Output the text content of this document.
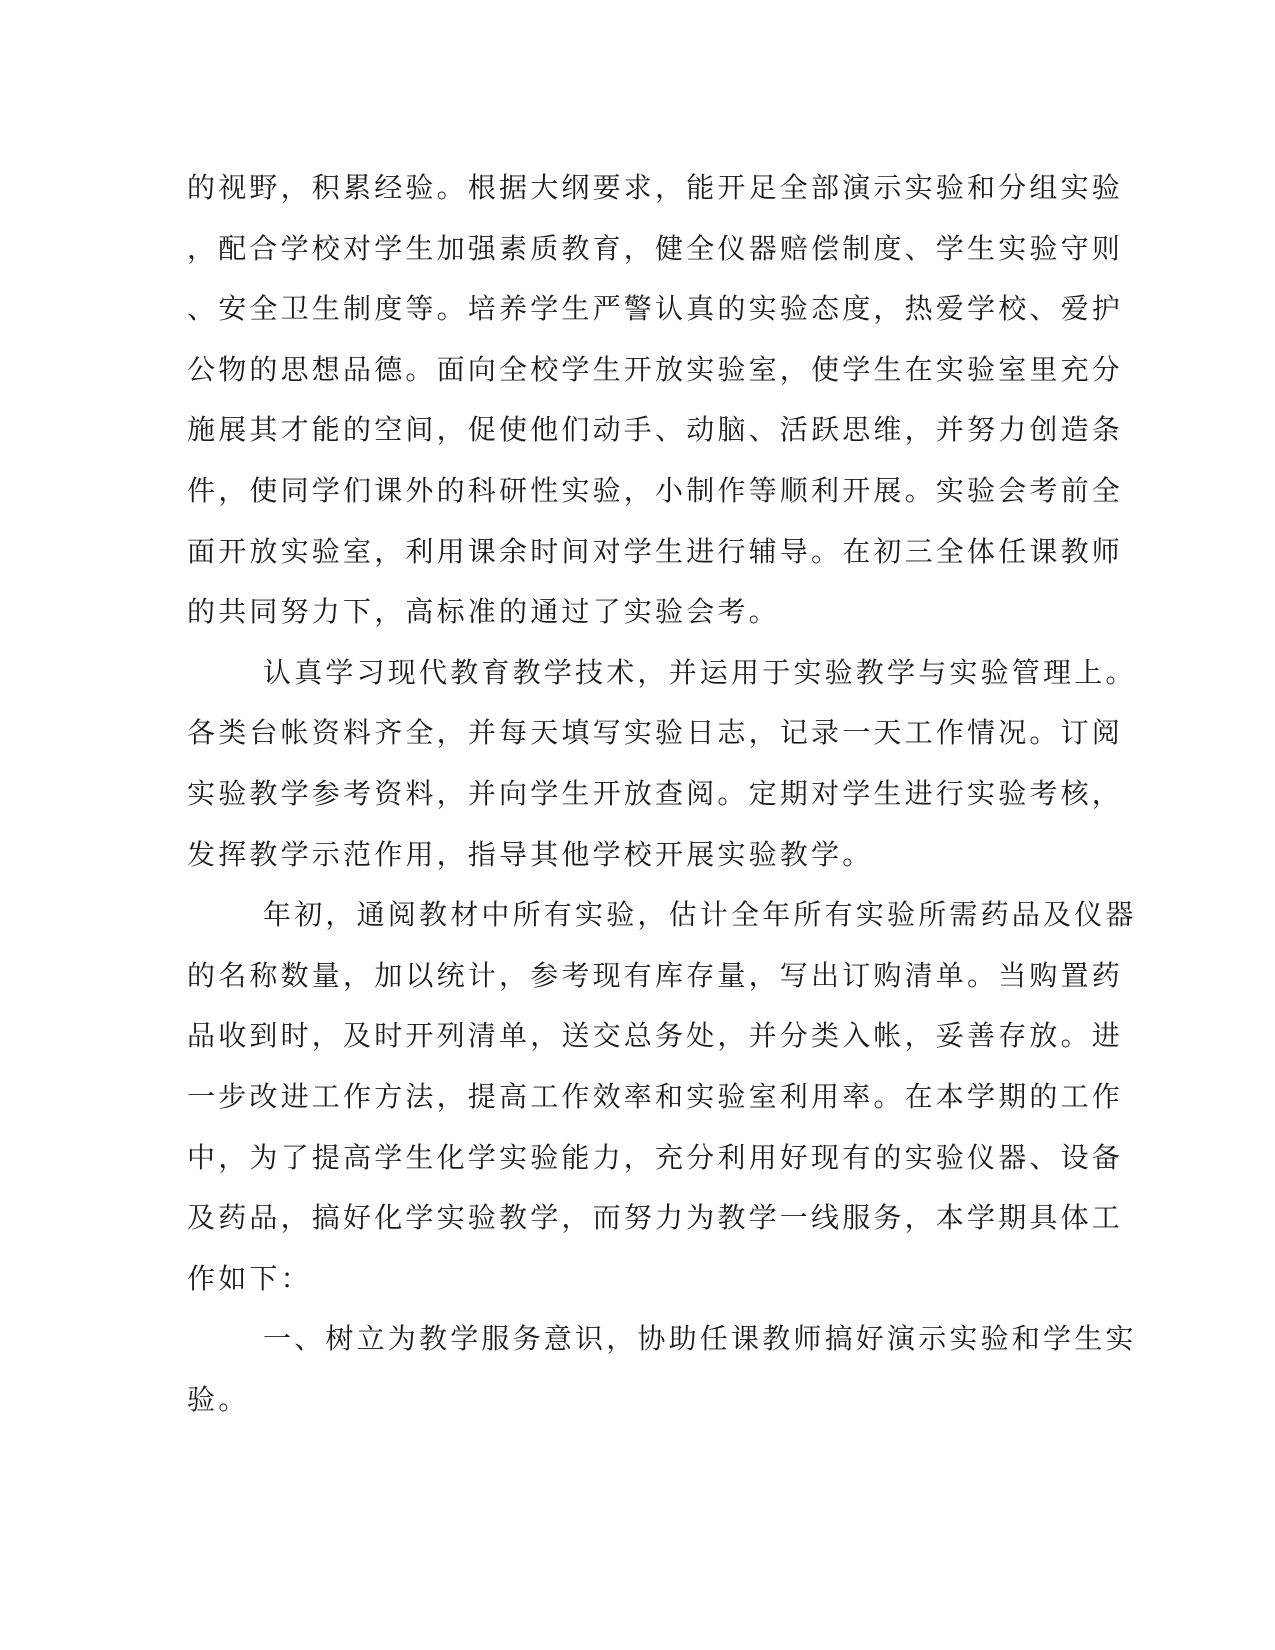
的视野，积累经验。根据大纲要求，能开足全部演示实验和分组实验
，配合学校对学生加强素质教育，健全仪器赔偿制度、学生实验守则
、安全卫生制度等。培养学生严警认真的实验态度，热爱学校、爱护
公物的思想品德。面向全校学生开放实验室，使学生在实验室里充分
施展其才能的空间，促使他们动手、动脑、活跃思维，并努力创造条
件，使同学们课外的科研性实验，小制作等顺利开展。实验会考前全
面开放实验室，利用课余时间对学生进行辅导。在初三全体任课教师
的共同努力下，高标准的通过了实验会考。
认真学习现代教育教学技术，并运用于实验教学与实验管理上。
各类台帐资料齐全，并每天填写实验日志，记录一天工作情况。订阅
实验教学参考资料，并向学生开放查阅。定期对学生进行实验考核，
发挥教学示范作用，指导其他学校开展实验教学。
年初，通阅教材中所有实验，估计全年所有实验所需药品及仪器
的名称数量，加以统计，参考现有库存量，写出订购清单。当购置药
品收到时，及时开列清单，送交总务处，并分类入帐，妥善存放。进
一步改进工作方法，提高工作效率和实验室利用率。在本学期的工作
中，为了提高学生化学实验能力，充分利用好现有的实验仪器、设备
及药品，搞好化学实验教学，而努力为教学一线服务，本学期具体工
作如下：
一、树立为教学服务意识，协助任课教师搞好演示实验和学生实
验。
